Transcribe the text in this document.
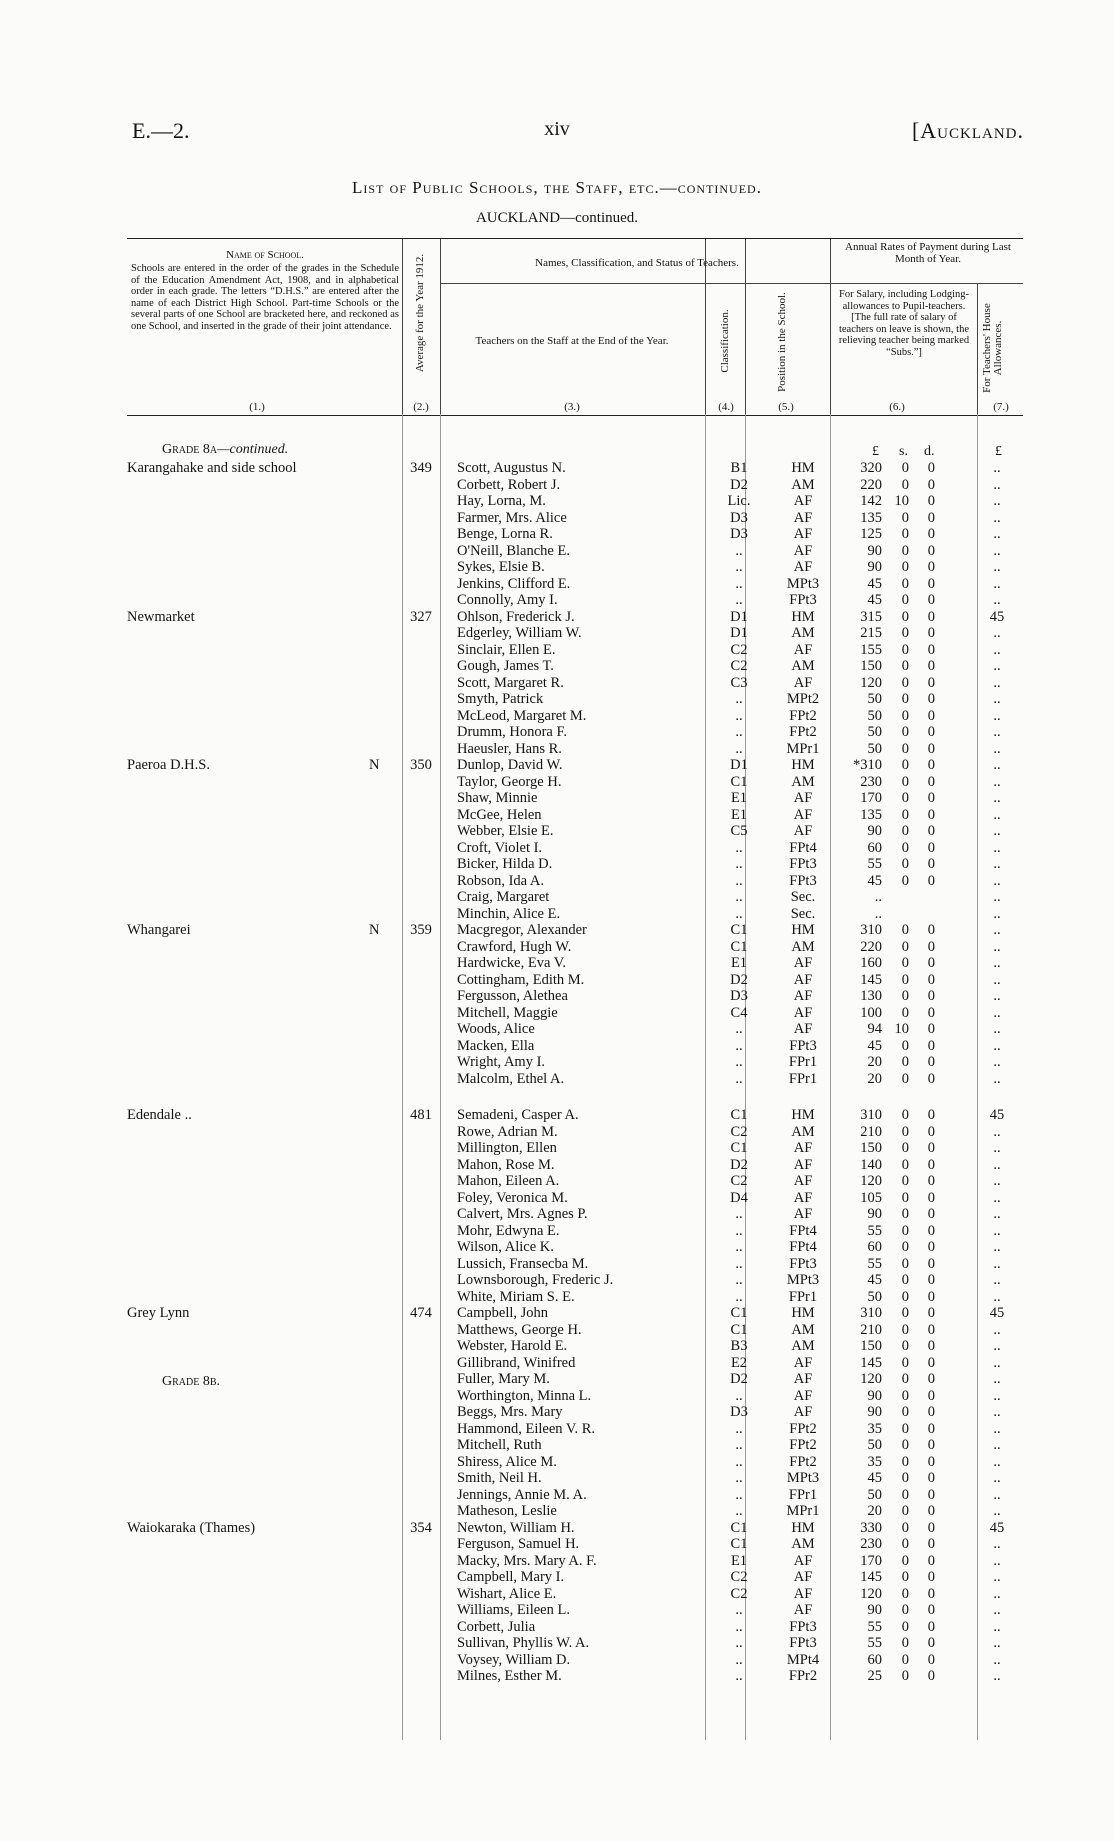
E.—2.	xiv	[Auckland.
List of Public Schools, the Staff, etc.—continued.
AUCKLAND—continued.
Name of School.
Schools are entered in the order of the grades in the Schedule of the Education Amendment Act, 1908, and in alphabetical order in each grade. The letters “D.H.S.” are entered after the name of each District High School. Part-time Schools or the several parts of one School are bracketed here, and reckoned as one School, and inserted in the grade of their joint attendance.
(1.)
Average for the Year 1912.
(2.)
Names, Classification, and Status of Teachers.
Teachers on the Staff at the End of the Year.
(3.)
Classification.
(4.)
Position in the School.
(5.)
Annual Rates of Payment during Last Month of Year.
For Salary, including Lodging-allowances to Pupil-teachers. [The full rate of salary of teachers on leave is shown, the relieving teacher being marked “Subs.”]
(6.)
For Teachers' House Allowances.
(7.)
Grade 8a—continued.
Grade 8b.
£ s. d.	£
Karangahake and side school	349	Scott, Augustus N.	B1	HM	320	0	0	..
Corbett, Robert J.	D2	AM	220	0	0	..
Hay, Lorna, M.	Lic.	AF	142 10	0	..
Farmer, Mrs. Alice	D3	AF	135	0	0	..
Benge, Lorna R.	D3	AF	125	0	0	..
O'Neill, Blanche E.	..	AF	90	0	0	..
Sykes, Elsie B.	..	AF	90	0	0	..
Jenkins, Clifford E.	..	MPt3	45	0	0	..
Connolly, Amy I.	..	FPt3	45	0	0	..
Newmarket	327	Ohlson, Frederick J.	D1	HM	315	0	0	45
Edgerley, William W.	D1	AM	215	0	0	..
Sinclair, Ellen E.	C2	AF	155	0	0	..
Gough, James T.	C2	AM	150	0	0	..
Scott, Margaret R.	C3	AF	120	0	0	..
Smyth, Patrick	..	MPt2	50	0	0	..
McLeod, Margaret M.	..	FPt2	50	0	0	..
Drumm, Honora F.	..	FPt2	50	0	0	..
Haeusler, Hans R.	..	MPr1	50	0	0	..
Paeroa D.H.S.	N	350	Dunlop, David W.	D1	HM	*310	0	0	..
Taylor, George H.	C1	AM	230	0	0	..
Shaw, Minnie	E1	AF	170	0	0	..
McGee, Helen	E1	AF	135	0	0	..
Webber, Elsie E.	C5	AF	90	0	0	..
Croft, Violet I.	..	FPt4	60	0	0	..
Bicker, Hilda D.	..	FPt3	55	0	0	..
Robson, Ida A.	..	FPt3	45	0	0	..
Craig, Margaret	..	Sec.	..	..
Minchin, Alice E.	..	Sec.	..	..
Whangarei	N	359	Macgregor, Alexander	C1	HM	310	0	0	..
Crawford, Hugh W.	C1	AM	220	0	0	..
Hardwicke, Eva V.	E1	AF	160	0	0	..
Cottingham, Edith M.	D2	AF	145	0	0	..
Fergusson, Alethea	D3	AF	130	0	0	..
Mitchell, Maggie	C4	AF	100	0	0	..
Woods, Alice	..	AF	94 10	0	..
Macken, Ella	..	FPt3	45	0	0	..
Wright, Amy I.	..	FPr1	20	0	0	..
Malcolm, Ethel A.	..	FPr1	20	0	0	..
Edendale ..	481	Semadeni, Casper A.	C1	HM	310	0	0	45
Rowe, Adrian M.	C2	AM	210	0	0	..
Millington, Ellen	C1	AF	150	0	0	..
Mahon, Rose M.	D2	AF	140	0	0	..
Mahon, Eileen A.	C2	AF	120	0	0	..
Foley, Veronica M.	D4	AF	105	0	0	..
Calvert, Mrs. Agnes P.	..	AF	90	0	0	..
Mohr, Edwyna E.	..	FPt4	55	0	0	..
Wilson, Alice K.	..	FPt4	60	0	0	..
Lussich, Fransecba M.	..	FPt3	55	0	0	..
Lownsborough, Frederic J.	..	MPt3	45	0	0	..
White, Miriam S. E.	..	FPr1	50	0	0	..
Grey Lynn	474	Campbell, John	C1	HM	310	0	0	45
Matthews, George H.	C1	AM	210	0	0	..
Webster, Harold E.	B3	AM	150	0	0	..
Gillibrand, Winifred	E2	AF	145	0	0	..
Fuller, Mary M.	D2	AF	120	0	0	..
Worthington, Minna L.	..	AF	90	0	0	..
Beggs, Mrs. Mary	D3	AF	90	0	0	..
Hammond, Eileen V. R.	..	FPt2	35	0	0	..
Mitchell, Ruth	..	FPt2	50	0	0	..
Shiress, Alice M.	..	FPt2	35	0	0	..
Smith, Neil H.	..	MPt3	45	0	0	..
Jennings, Annie M. A.	..	FPr1	50	0	0	..
Matheson, Leslie	..	MPr1	20	0	0	..
Waiokaraka (Thames)	354	Newton, William H.	C1	HM	330	0	0	45
Ferguson, Samuel H.	C1	AM	230	0	0	..
Macky, Mrs. Mary A. F.	E1	AF	170	0	0	..
Campbell, Mary I.	C2	AF	145	0	0	..
Wishart, Alice E.	C2	AF	120	0	0	..
Williams, Eileen L.	..	AF	90	0	0	..
Corbett, Julia	..	FPt3	55	0	0	..
Sullivan, Phyllis W. A.	..	FPt3	55	0	0	..
Voysey, William D.	..	MPt4	60	0	0	..
Milnes, Esther M.	..	FPr2	25	0	0	..
